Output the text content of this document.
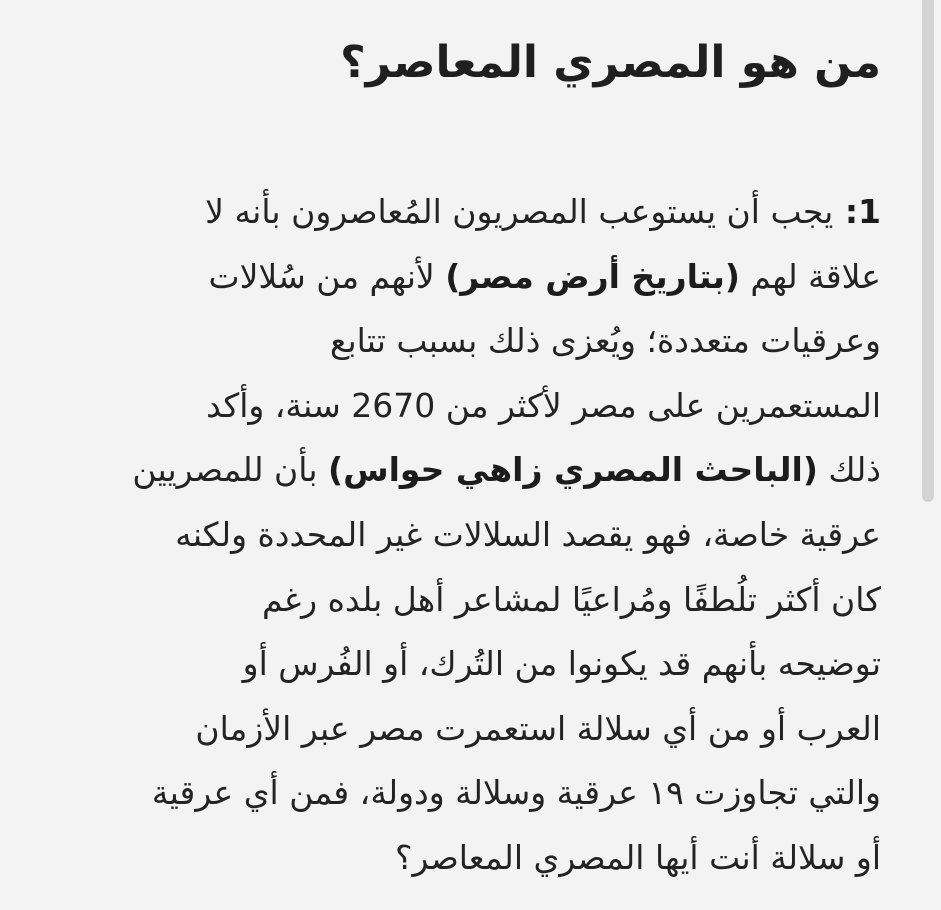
من هو المصري المعاصر؟
1: يجب أن يستوعب المصريون المُعاصرون بأنه لا
علاقة لهم (بتاريخ أرض مصر) لأنهم من سُلالات
وعرقيات متعددة؛ ويُعزى ذلك بسبب تتابع
المستعمرين على مصر لأكثر من 2670 سنة، وأكد
ذلك (الباحث المصري زاهي حواس) بأن للمصريين
عرقية خاصة، فهو يقصد السلالات غير المحددة ولكنه
كان أكثر تلُطفًا ومُراعيًا لمشاعر أهل بلده رغم
توضيحه بأنهم قد يكونوا من التُرك، أو الفُرس أو
العرب أو من أي سلالة استعمرت مصر عبر الأزمان
والتي تجاوزت ١٩ عرقية وسلالة ودولة، فمن أي عرقية
أو سلالة أنت أيها المصري المعاصر؟
